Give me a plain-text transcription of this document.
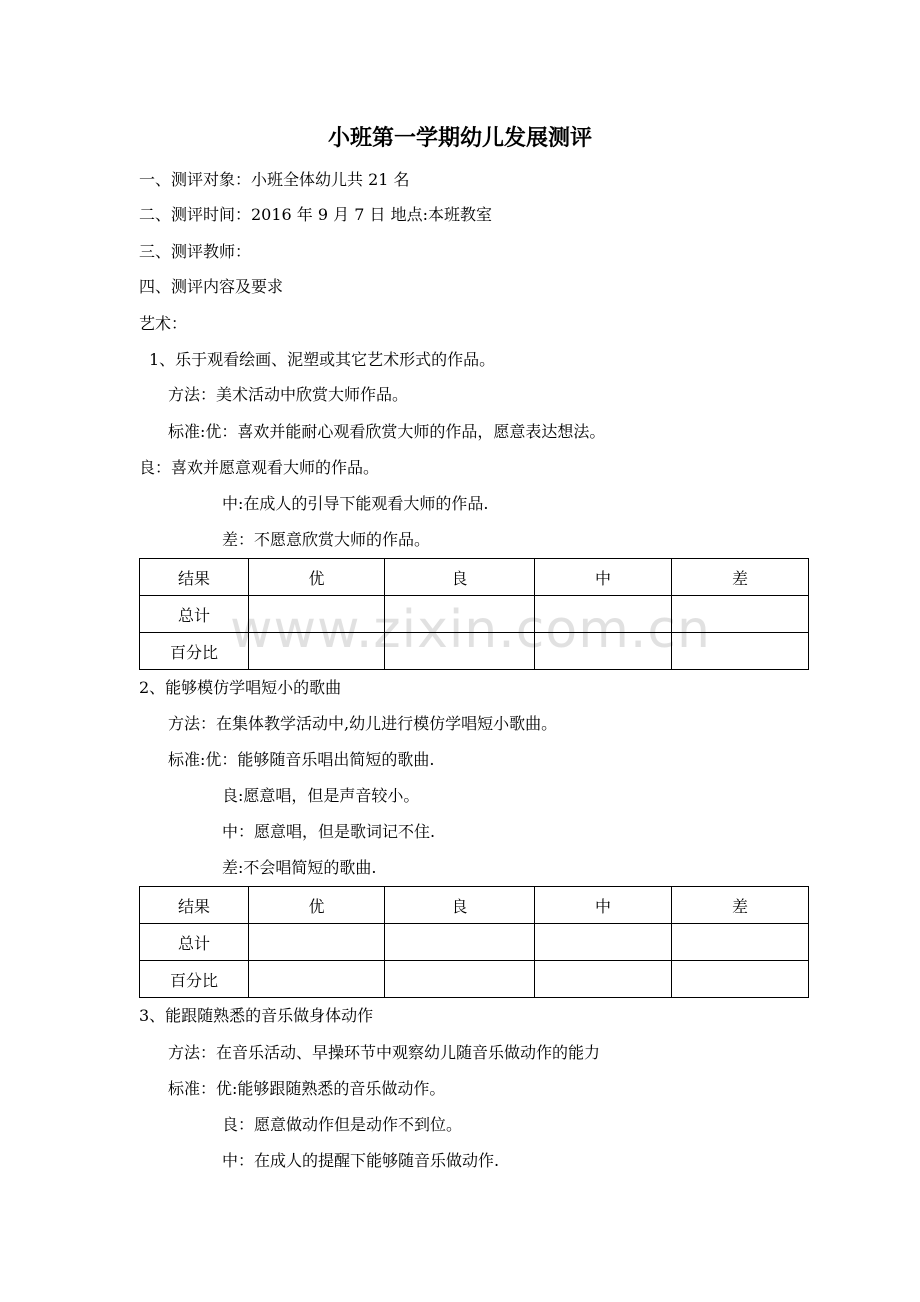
www.zixin.com.cn
小班第一学期幼儿发展测评
一、测评对象：小班全体幼儿共 21 名
二、测评时间：2016 年 9 月 7 日 地点:本班教室
三、测评教师：
四、测评内容及要求
艺术：
1、乐于观看绘画、泥塑或其它艺术形式的作品。
方法：美术活动中欣赏大师作品。
标准:优：喜欢并能耐心观看欣赏大师的作品，愿意表达想法。
良：喜欢并愿意观看大师的作品。
中:在成人的引导下能观看大师的作品.
差：不愿意欣赏大师的作品。
结果	优	良	中	差
总计				
百分比				
2、能够模仿学唱短小的歌曲
方法：在集体教学活动中,幼儿进行模仿学唱短小歌曲。
标准:优：能够随音乐唱出简短的歌曲.
良:愿意唱，但是声音较小。
中：愿意唱，但是歌词记不住.
差:不会唱简短的歌曲.
结果	优	良	中	差
总计				
百分比				
3、能跟随熟悉的音乐做身体动作
方法：在音乐活动、早操环节中观察幼儿随音乐做动作的能力
标准：优:能够跟随熟悉的音乐做动作。
良：愿意做动作但是动作不到位。
中：在成人的提醒下能够随音乐做动作.
